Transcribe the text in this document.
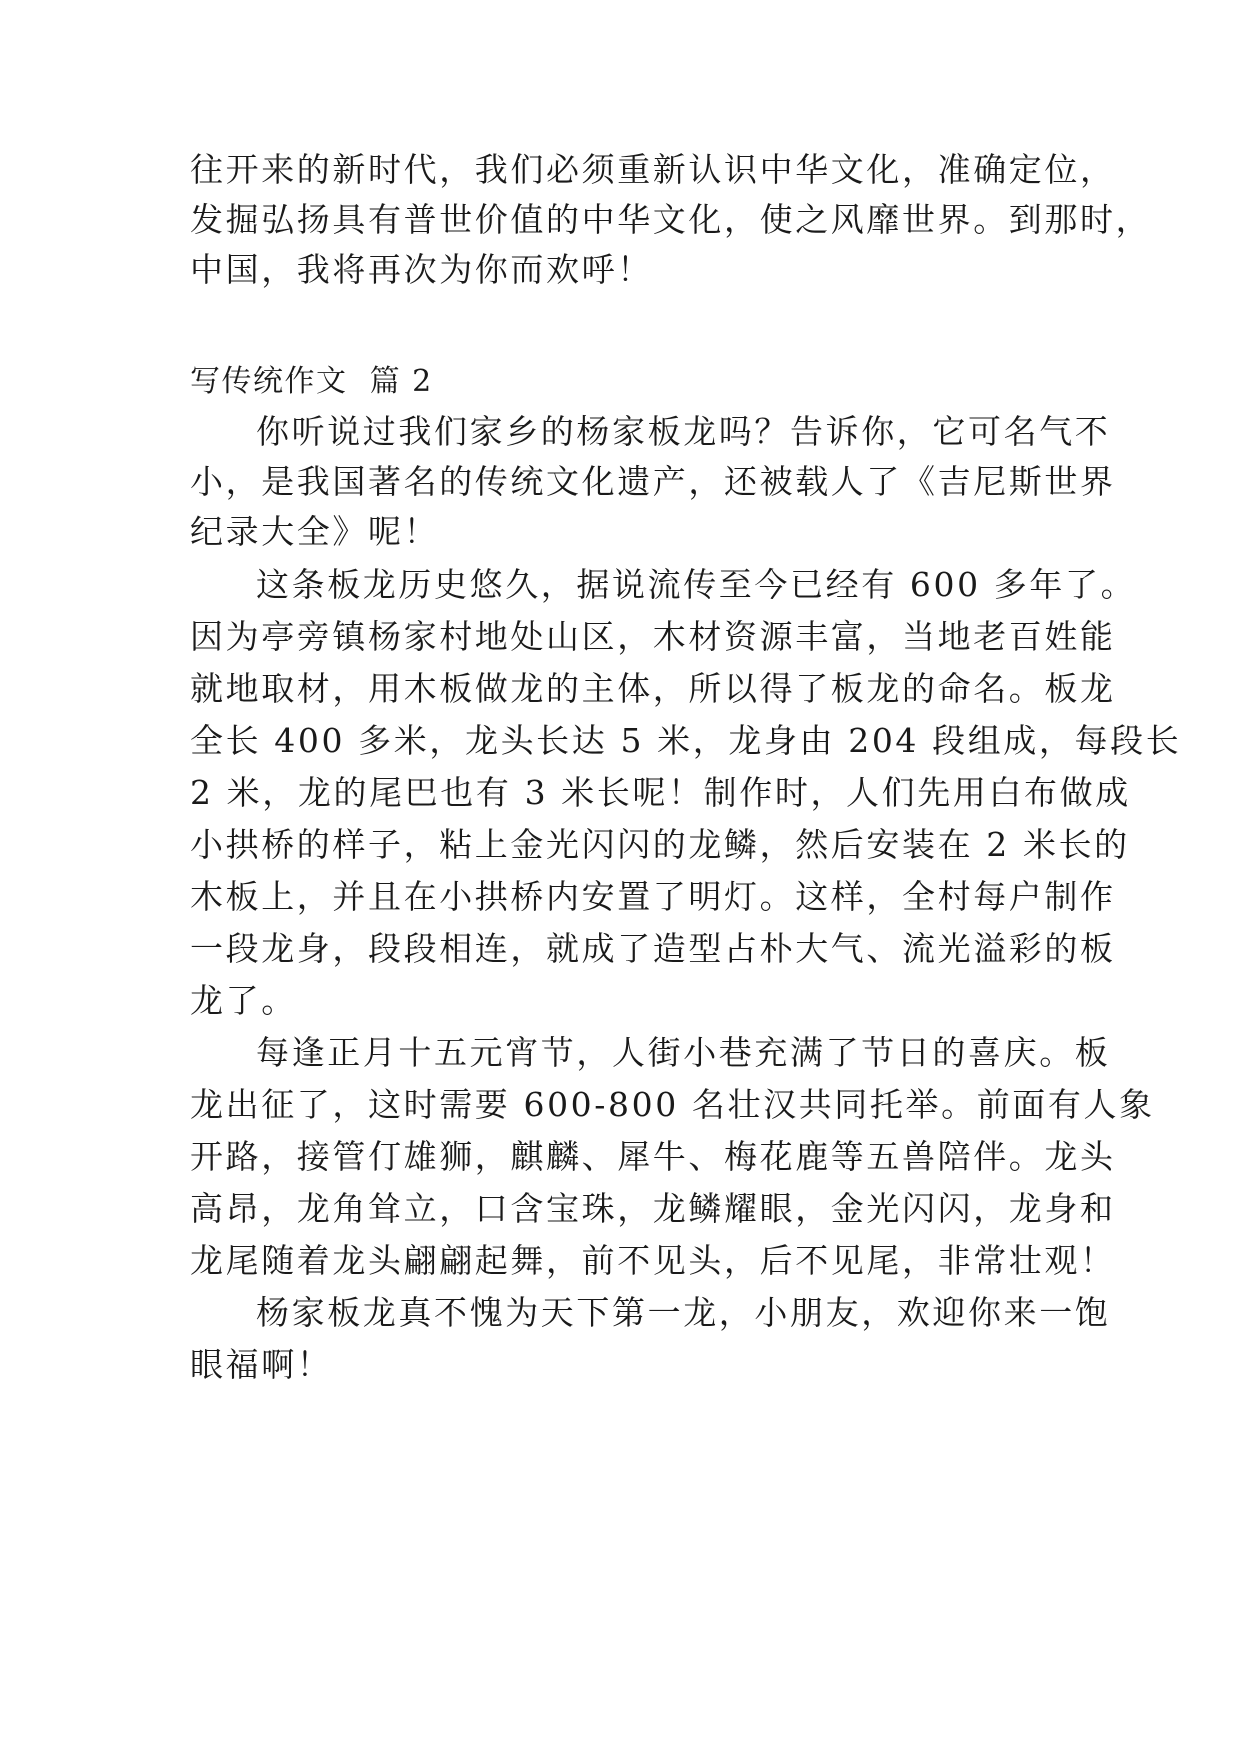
往开来的新时代，我们必须重新认识中华文化，准确定位，
发掘弘扬具有普世价值的中华文化，使之风靡世界。到那时，
中国，我将再次为你而欢呼！
写传统作文  篇 2
你听说过我们家乡的杨家板龙吗？告诉你，它可名气不
小，是我国著名的传统文化遗产，还被载人了《吉尼斯世界
纪录大全》呢！
这条板龙历史悠久，据说流传至今已经有 600 多年了。
因为亭旁镇杨家村地处山区，木材资源丰富，当地老百姓能
就地取材，用木板做龙的主体，所以得了板龙的命名。板龙
全长 400 多米，龙头长达 5 米，龙身由 204 段组成，每段长
2 米，龙的尾巴也有 3 米长呢！制作时，人们先用白布做成
小拱桥的样子，粘上金光闪闪的龙鳞，然后安装在 2 米长的
木板上，并且在小拱桥内安置了明灯。这样，全村每户制作
一段龙身，段段相连，就成了造型占朴大气、流光溢彩的板
龙了。
每逢正月十五元宵节，人街小巷充满了节日的喜庆。板
龙出征了，这时需要 600-800 名壮汉共同托举。前面有人象
开路，接管仃雄狮，麒麟、犀牛、梅花鹿等五兽陪伴。龙头
高昂，龙角耸立，口含宝珠，龙鳞耀眼，金光闪闪，龙身和
龙尾随着龙头翩翩起舞，前不见头，后不见尾，非常壮观！
杨家板龙真不愧为天下第一龙，小朋友，欢迎你来一饱
眼福啊！
